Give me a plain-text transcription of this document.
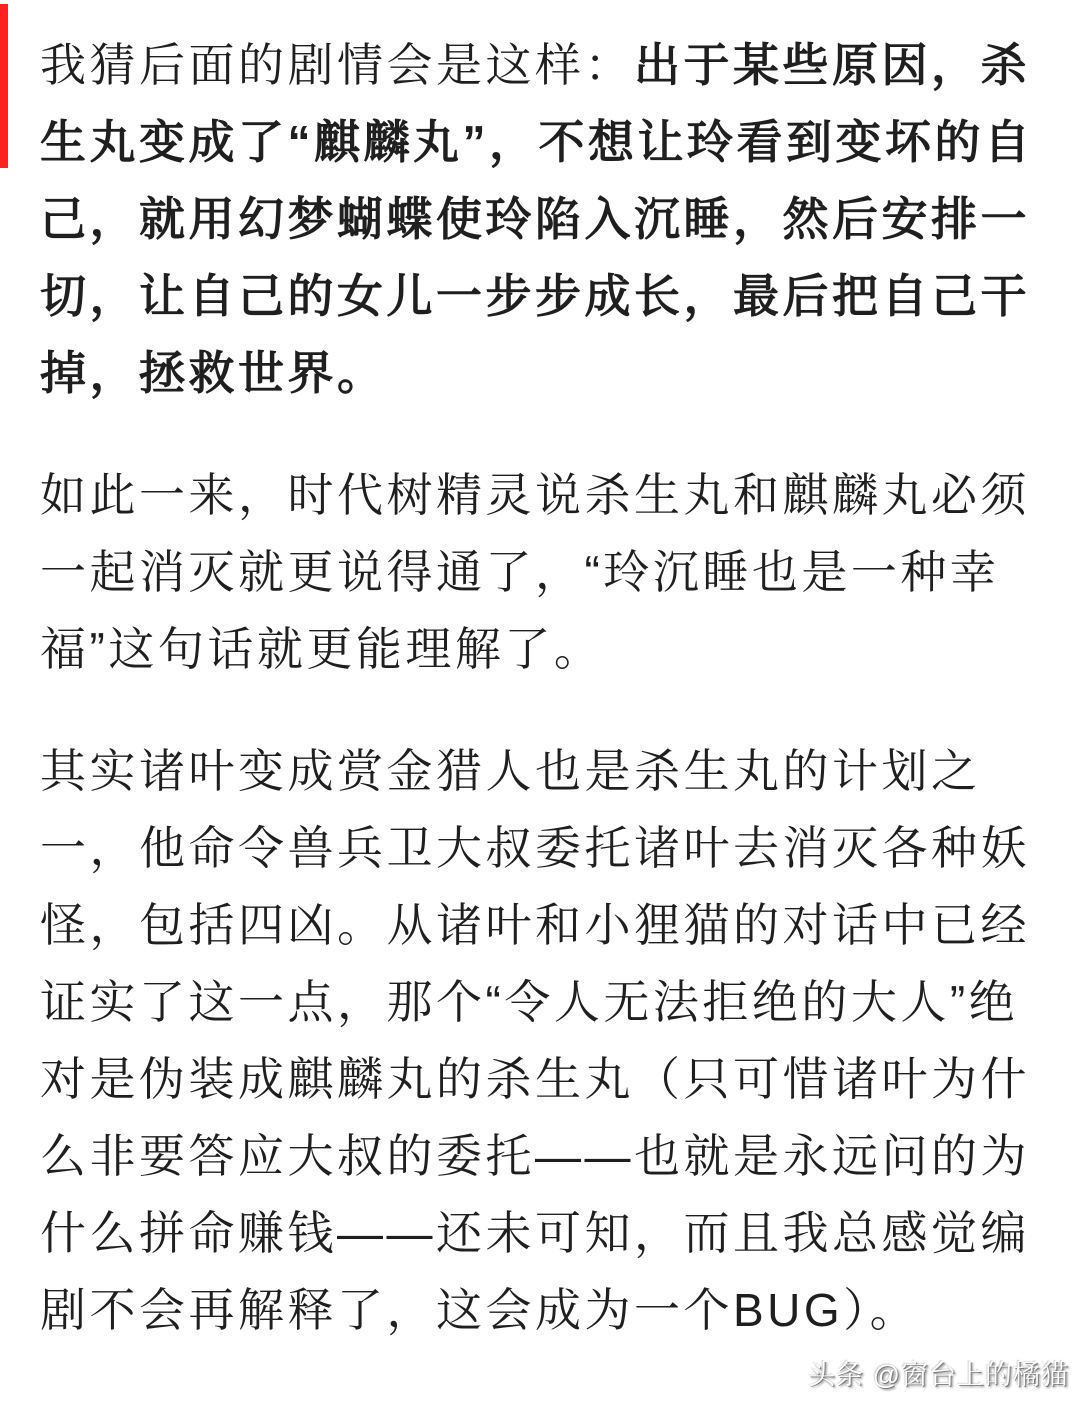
我猜后面的剧情会是这样：出于某些原因，杀生丸变成了“麒麟丸”，不想让玲看到变坏的自己，就用幻梦蝴蝶使玲陷入沉睡，然后安排一切，让自己的女儿一步步成长，最后把自己干掉，拯救世界。

如此一来，时代树精灵说杀生丸和麒麟丸必须一起消灭就更说得通了，“玲沉睡也是一种幸福”这句话就更能理解了。

其实诸叶变成赏金猎人也是杀生丸的计划之一，他命令兽兵卫大叔委托诸叶去消灭各种妖怪，包括四凶。从诸叶和小狸猫的对话中已经证实了这一点，那个“令人无法拒绝的大人”绝对是伪装成麒麟丸的杀生丸（只可惜诸叶为什么非要答应大叔的委托——也就是永远问的为什么拼命赚钱——还未可知，而且我总感觉编剧不会再解释了，这会成为一个BUG）。

头条 @窗台上的橘猫
